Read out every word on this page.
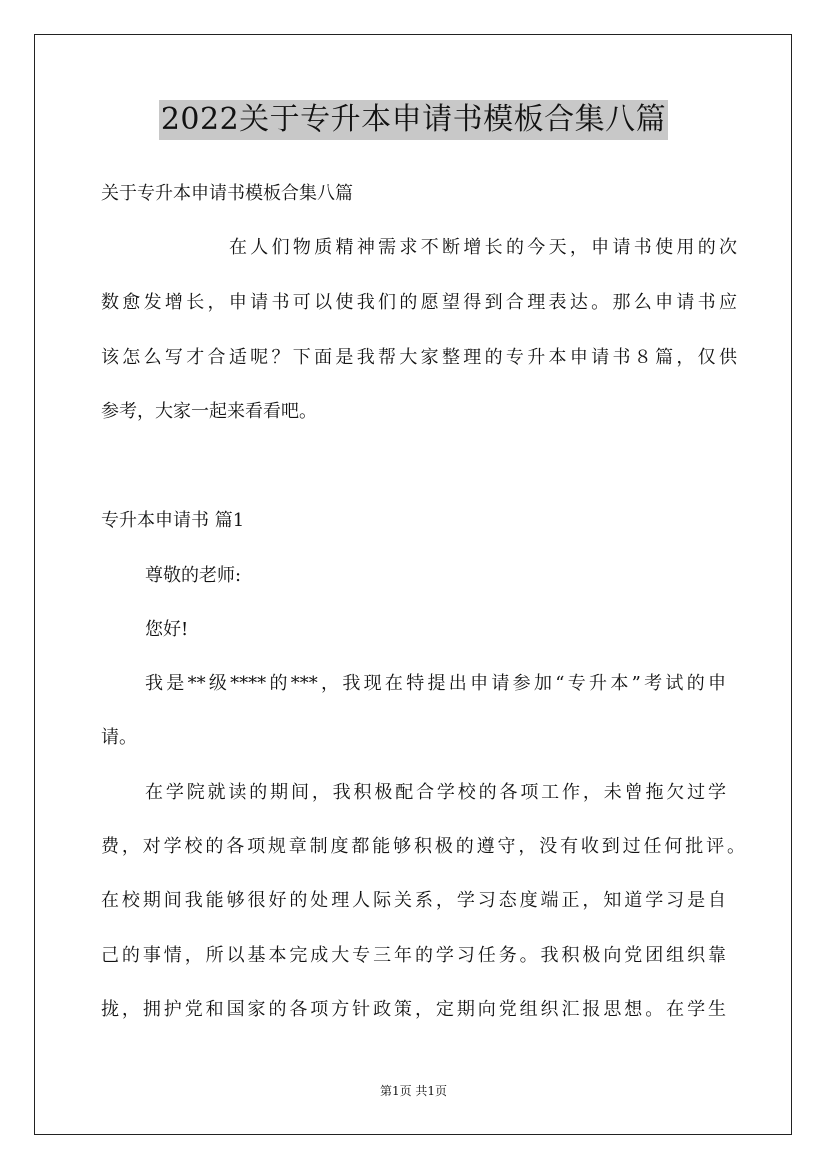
2022关于专升本申请书模板合集八篇
关于专升本申请书模板合集八篇
在人们物质精神需求不断增长的今天，申请书使用的次
数愈发增长，申请书可以使我们的愿望得到合理表达。那么申请书应
该怎么写才合适呢？下面是我帮大家整理的专升本申请书８篇，仅供
参考，大家一起来看看吧。
专升本申请书 篇1
尊敬的老师:
您好!
我是**级****的***，我现在特提出申请参加“专升本”考试的申
请。
在学院就读的期间，我积极配合学校的各项工作，未曾拖欠过学
费，对学校的各项规章制度都能够积极的遵守，没有收到过任何批评。
在校期间我能够很好的处理人际关系，学习态度端正，知道学习是自
己的事情，所以基本完成大专三年的学习任务。我积极向党团组织靠
拢，拥护党和国家的各项方针政策，定期向党组织汇报思想。在学生
第1页 共1页
